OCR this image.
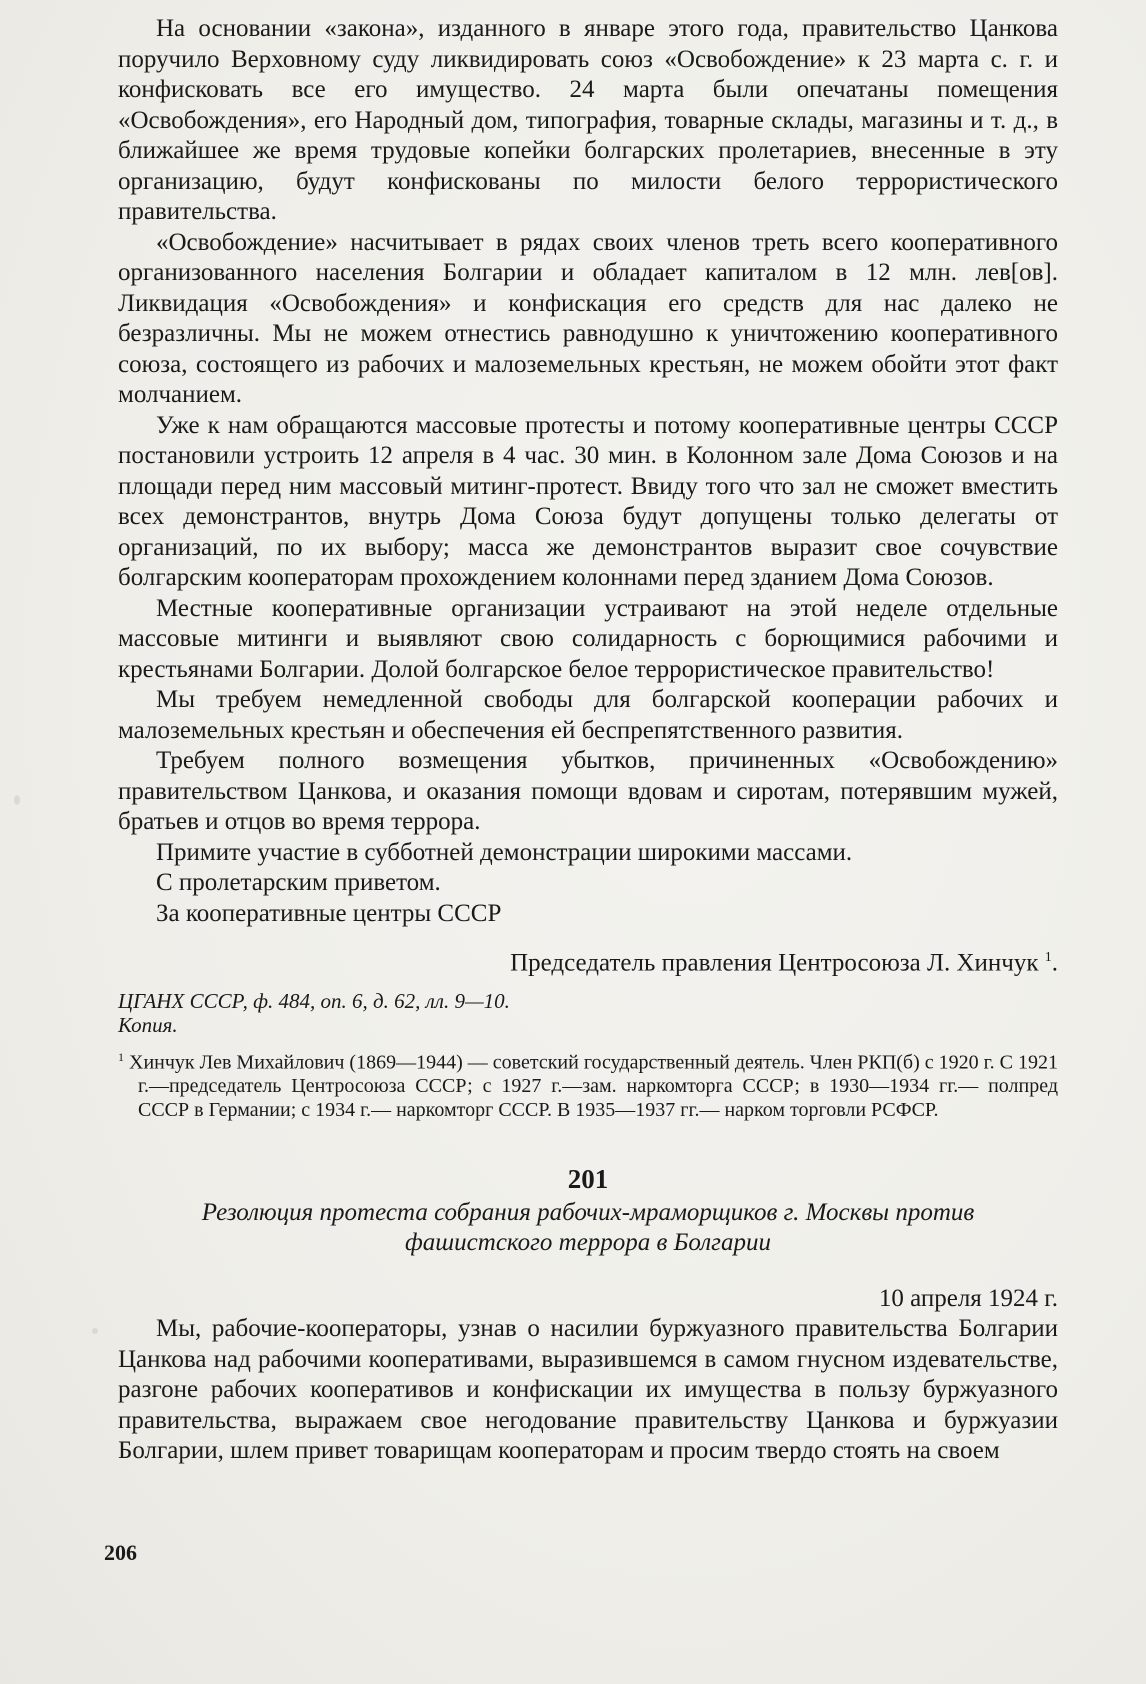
На основании «закона», изданного в январе этого года, правительство Цанкова поручило Верховному суду ликвидировать союз «Освобождение» к 23 марта с. г. и конфисковать все его имущество. 24 марта были опечатаны помещения «Освобождения», его Народный дом, типография, товарные склады, магазины и т. д., в ближайшее же время трудовые копейки болгарских пролетариев, внесенные в эту организацию, будут конфискованы по милости белого террористического правительства.

«Освобождение» насчитывает в рядах своих членов треть всего кооперативного организованного населения Болгарии и обладает капиталом в 12 млн. лев[ов]. Ликвидация «Освобождения» и конфискация его средств для нас далеко не безразличны. Мы не можем отнестись равнодушно к уничтожению кооперативного союза, состоящего из рабочих и малоземельных крестьян, не можем обойти этот факт молчанием.

Уже к нам обращаются массовые протесты и потому кооперативные центры СССР постановили устроить 12 апреля в 4 час. 30 мин. в Колонном зале Дома Союзов и на площади перед ним массовый митинг-протест. Ввиду того что зал не сможет вместить всех демонстрантов, внутрь Дома Союза будут допущены только делегаты от организаций, по их выбору; масса же демонстрантов выразит свое сочувствие болгарским кооператорам прохождением колоннами перед зданием Дома Союзов.

Местные кооперативные организации устраивают на этой неделе отдельные массовые митинги и выявляют свою солидарность с борющимися рабочими и крестьянами Болгарии. Долой болгарское белое террористическое правительство!

Мы требуем немедленной свободы для болгарской кооперации рабочих и малоземельных крестьян и обеспечения ей беспрепятственного развития.

Требуем полного возмещения убытков, причиненных «Освобождению» правительством Цанкова, и оказания помощи вдовам и сиротам, потерявшим мужей, братьев и отцов во время террора.

Примите участие в субботней демонстрации широкими массами.

С пролетарским приветом.

За кооперативные центры СССР

Председатель правления Центросоюза Л. Хинчук $^1$.
ЦГАНХ СССР, ф. 484, оп. 6, д. 62, лл. 9—10.
Копия.
$^1$ Хинчук Лев Михайлович (1869—1944) — советский государственный деятель. Член РКП(б) с 1920 г. С 1921 г.—председатель Центросоюза СССР; с 1927 г.—зам. наркомторга СССР; в 1930—1934 гг.— полпред СССР в Германии; с 1934 г.— наркомторг СССР. В 1935—1937 гг.— нарком торговли РСФСР.
201
Резолюция протеста собрания рабочих-мраморщиков г. Москвы против фашистского террора в Болгарии
10 апреля 1924 г.

Мы, рабочие-кооператоры, узнав о насилии буржуазного правительства Болгарии Цанкова над рабочими кооперативами, выразившемся в самом гнусном издевательстве, разгоне рабочих кооперативов и конфискации их имущества в пользу буржуазного правительства, выражаем свое негодование правительству Цанкова и буржуазии Болгарии, шлем привет товарищам кооператорам и просим твердо стоять на своем

206
